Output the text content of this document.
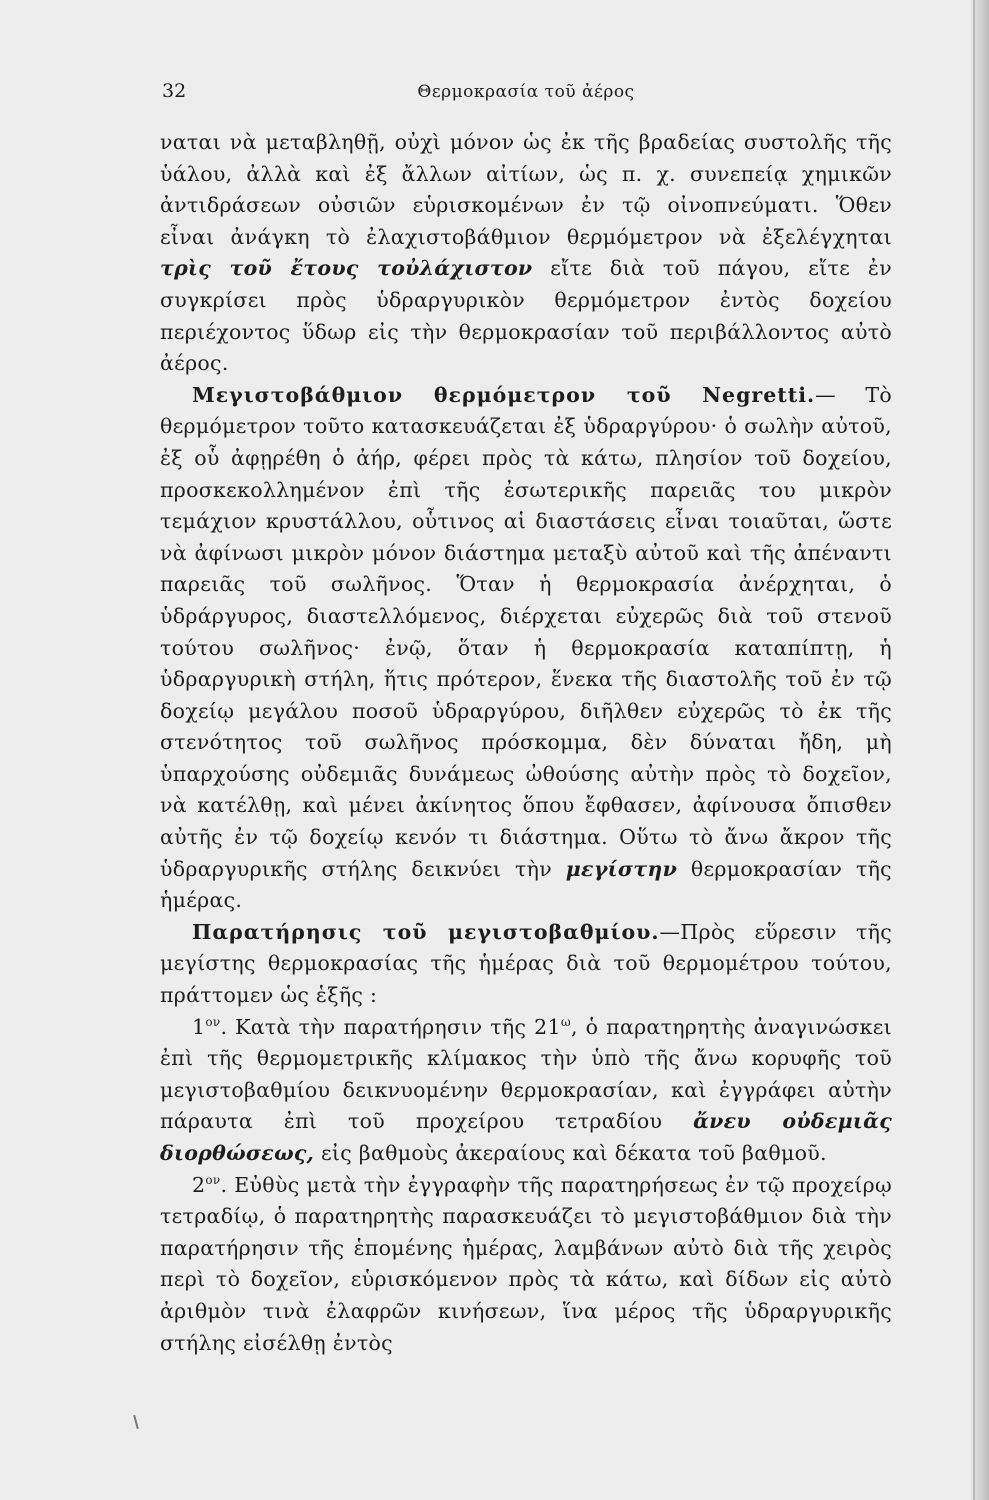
32	Θερμοκρασία τοῦ ἀέρος

ναται νὰ μεταβληθῇ, οὐχὶ μόνον ὡς ἐκ τῆς βραδείας συστολῆς τῆς ὑάλου, ἀλλὰ καὶ ἐξ ἄλλων αἰτίων, ὡς π. χ. συνεπείᾳ χημικῶν ἀντιδράσεων οὐσιῶν εὑρισκομένων ἐν τῷ οἰνοπνεύματι. Ὅθεν εἶναι ἀνάγκη τὸ ἐλαχιστοβάθμιον θερμόμετρον νὰ ἐξελέγχηται τρὶς τοῦ ἔτους τοὐλάχιστον εἴτε διὰ τοῦ πάγου, εἴτε ἐν συγκρίσει πρὸς ὑδραργυρικὸν θερμόμετρον ἐντὸς δοχείου περιέχοντος ὕδωρ εἰς τὴν θερμοκρασίαν τοῦ περιβάλλοντος αὐτὸ ἀέρος.

Μεγιστοβάθμιον θερμόμετρον τοῦ Negretti.— Τὸ θερμόμετρον τοῦτο κατασκευάζεται ἐξ ὑδραργύρου· ὁ σωλὴν αὐτοῦ, ἐξ οὗ ἀφῃρέθη ὁ ἀήρ, φέρει πρὸς τὰ κάτω, πλησίον τοῦ δοχείου, προσκεκολλημένον ἐπὶ τῆς ἐσωτερικῆς παρειᾶς του μικρὸν τεμάχιον κρυστάλλου, οὗτινος αἱ διαστάσεις εἶναι τοιαῦται, ὥστε νὰ ἀφίνωσι μικρὸν μόνον διάστημα μεταξὺ αὐτοῦ καὶ τῆς ἀπέναντι παρειᾶς τοῦ σωλῆνος. Ὅταν ἡ θερμοκρασία ἀνέρχηται, ὁ ὑδράργυρος, διαστελλόμενος, διέρχεται εὐχερῶς διὰ τοῦ στενοῦ τούτου σωλῆνος· ἐνῷ, ὅταν ἡ θερμοκρασία καταπίπτῃ, ἡ ὑδραργυρικὴ στήλη, ἥτις πρότερον, ἕνεκα τῆς διαστολῆς τοῦ ἐν τῷ δοχείῳ μεγάλου ποσοῦ ὑδραργύρου, διῆλθεν εὐχερῶς τὸ ἐκ τῆς στενότητος τοῦ σωλῆνος πρόσκομμα, δὲν δύναται ἤδη, μὴ ὑπαρχούσης οὐδεμιᾶς δυνάμεως ὠθούσης αὐτὴν πρὸς τὸ δοχεῖον, νὰ κατέλθῃ, καὶ μένει ἀκίνητος ὅπου ἔφθασεν, ἀφίνουσα ὄπισθεν αὐτῆς ἐν τῷ δοχείῳ κενόν τι διάστημα. Οὕτω τὸ ἄνω ἄκρον τῆς ὑδραργυρικῆς στήλης δεικνύει τὴν μεγίστην θερμοκρασίαν τῆς ἡμέρας.

Παρατήρησις τοῦ μεγιστοβαθμίου.—Πρὸς εὕρεσιν τῆς μεγίστης θερμοκρασίας τῆς ἡμέρας διὰ τοῦ θερμομέτρου τούτου, πράττομεν ὡς ἑξῆς :

$1^{o\nu}$. Κατὰ τὴν παρατήρησιν τῆς $21^\omega$, ὁ παρατηρητὴς ἀναγινώσκει ἐπὶ τῆς θερμομετρικῆς κλίμακος τὴν ὑπὸ τῆς ἄνω κορυφῆς τοῦ μεγιστοβαθμίου δεικνυομένην θερμοκρασίαν, καὶ ἐγγράφει αὐτὴν πάραυτα ἐπὶ τοῦ προχείρου τετραδίου ἄνευ οὐδεμιᾶς διορθώσεως, εἰς βαθμοὺς ἀκεραίους καὶ δέκατα τοῦ βαθμοῦ.

$2^{o\nu}$. Εὐθὺς μετὰ τὴν ἐγγραφὴν τῆς παρατηρήσεως ἐν τῷ προχείρῳ τετραδίῳ, ὁ παρατηρητὴς παρασκευάζει τὸ μεγιστοβάθμιον διὰ τὴν παρατήρησιν τῆς ἑπομένης ἡμέρας, λαμβάνων αὐτὸ διὰ τῆς χειρὸς περὶ τὸ δοχεῖον, εὑρισκόμενον πρὸς τὰ κάτω, καὶ δίδων εἰς αὐτὸ ἀριθμὸν τινὰ ἐλαφρῶν κινήσεων, ἵνα μέρος τῆς ὑδραργυρικῆς στήλης εἰσέλθῃ ἐντὸς
